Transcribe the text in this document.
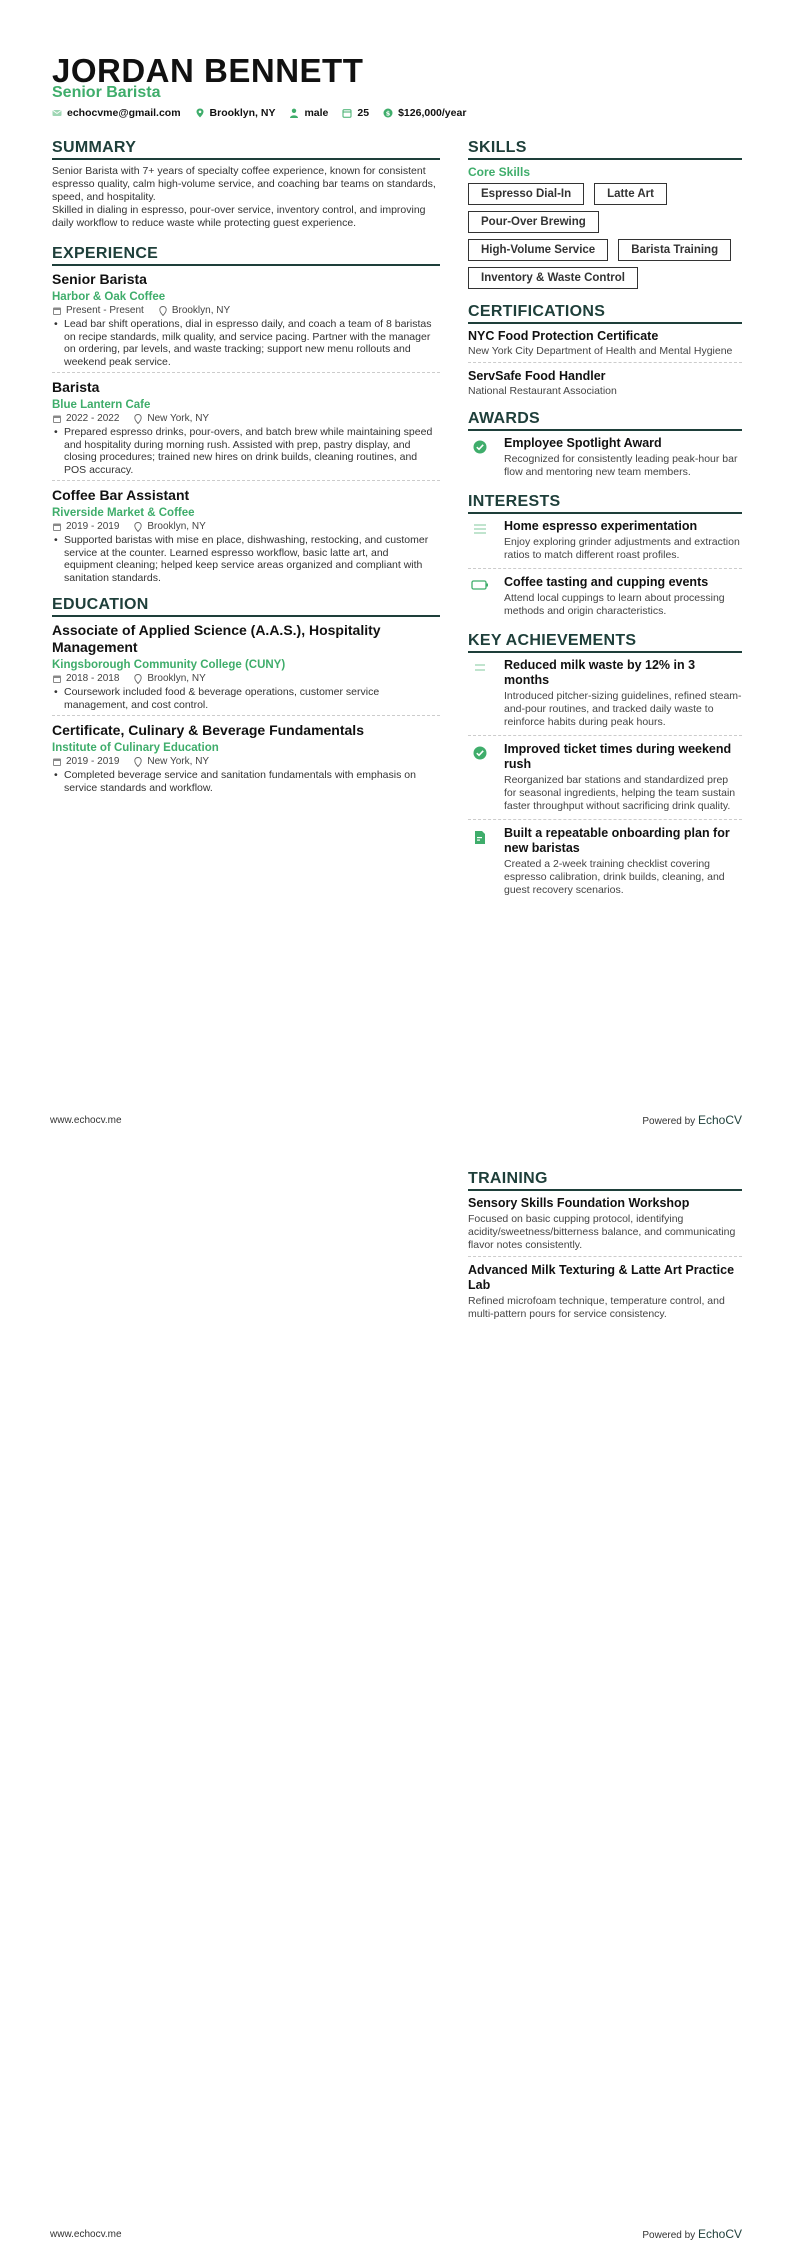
JORDAN BENNETT
Senior Barista
echocvme@gmail.com	Brooklyn, NY	male	25	$ $126,000/year
SUMMARY

Senior Barista with 7+ years of specialty coffee experience, known for consistent espresso quality, calm high-volume service, and coaching bar teams on standards, speed, and hospitality.

Skilled in dialing in espresso, pour-over service, inventory control, and improving daily workflow to reduce waste while protecting guest experience.

EXPERIENCE
Senior Barista
Harbor & Oak Coffee
Present - Present	Brooklyn, NY
• Lead bar shift operations, dial in espresso daily, and coach a team of 8 baristas on recipe standards, milk quality, and service pacing. Partner with the manager on ordering, par levels, and waste tracking; support new menu rollouts and weekend peak service.
Barista
Blue Lantern Cafe
2022 - 2022	New York, NY
• Prepared espresso drinks, pour-overs, and batch brew while maintaining speed and hospitality during morning rush. Assisted with prep, pastry display, and closing procedures; trained new hires on drink builds, cleaning routines, and POS accuracy.
Coffee Bar Assistant
Riverside Market & Coffee
2019 - 2019	Brooklyn, NY
• Supported baristas with mise en place, dishwashing, restocking, and customer service at the counter. Learned espresso workflow, basic latte art, and equipment cleaning; helped keep service areas organized and compliant with sanitation standards.
EDUCATION
Associate of Applied Science (A.A.S.), Hospitality Management
Kingsborough Community College (CUNY)
2018 - 2018	Brooklyn, NY
• Coursework included food & beverage operations, customer service management, and cost control.
Certificate, Culinary & Beverage Fundamentals
Institute of Culinary Education
2019 - 2019	New York, NY
• Completed beverage service and sanitation fundamentals with emphasis on service standards and workflow.
SKILLS
Core Skills
Espresso Dial-In	Latte Art
Pour-Over Brewing
High-Volume Service	Barista Training
Inventory & Waste Control
CERTIFICATIONS
NYC Food Protection Certificate
New York City Department of Health and Mental Hygiene
ServSafe Food Handler
National Restaurant Association
AWARDS
Employee Spotlight Award
Recognized for consistently leading peak-hour bar flow and mentoring new team members.
INTERESTS
Home espresso experimentation
Enjoy exploring grinder adjustments and extraction ratios to match different roast profiles.
Coffee tasting and cupping events
Attend local cuppings to learn about processing methods and origin characteristics.
KEY ACHIEVEMENTS
Reduced milk waste by 12% in 3 months
Introduced pitcher-sizing guidelines, refined steam-and-pour routines, and tracked daily waste to reinforce habits during peak hours.
Improved ticket times during weekend rush
Reorganized bar stations and standardized prep for seasonal ingredients, helping the team sustain faster throughput without sacrificing drink quality.
Built a repeatable onboarding plan for new baristas
Created a 2-week training checklist covering espresso calibration, drink builds, cleaning, and guest recovery scenarios.
www.echocv.me	Powered by EchoCV
TRAINING
Sensory Skills Foundation Workshop
Focused on basic cupping protocol, identifying acidity/sweetness/bitterness balance, and communicating flavor notes consistently.
Advanced Milk Texturing & Latte Art Practice Lab
Refined microfoam technique, temperature control, and multi-pattern pours for service consistency.
www.echocv.me	Powered by EchoCV
